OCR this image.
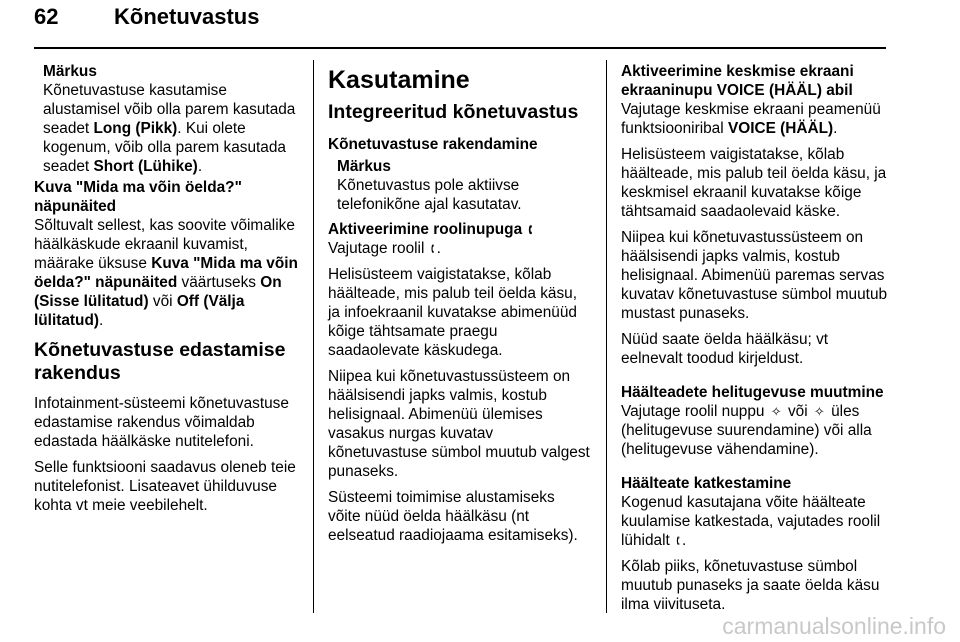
62	Kõnetuvastus
Märkus
Kõnetuvastuse kasutamise alustamisel võib olla parem kasutada seadet Long (Pikk). Kui olete kogenum, võib olla parem kasutada seadet Short (Lühike).

Kuva "Mida ma võin öelda?" näpunäited

Sõltuvalt sellest, kas soovite võimalike häälkäskude ekraanil kuvamist, määrake üksuse Kuva "Mida ma võin öelda?" näpunäited väärtuseks On (Sisse lülitatud) või Off (Välja lülitatud).

Kõnetuvastuse edastamise rakendus

Infotainment-süsteemi kõnetuvastuse edastamise rakendus võimaldab edastada häälkäske nutitelefoni.

Selle funktsiooni saadavus oleneb teie nutitelefonist. Lisateavet ühilduvuse kohta vt meie veebilehelt.

Kasutamine
Integreeritud kõnetuvastus

Kõnetuvastuse rakendamine

Märkus
Kõnetuvastus pole aktiivse telefonikõne ajal kasutatav.

Aktiveerimine roolinupuga 🕻

Vajutage roolil 🕻 .

Helisüsteem vaigistatakse, kõlab häälteade, mis palub teil öelda käsu, ja infoekraanil kuvatakse abimenüüd kõige tähtsamate praegu saadaolevate käskudega.

Niipea kui kõnetuvastussüsteem on häälsisendi japks valmis, kostub helisignaal. Abimenüü ülemises vasakus nurgas kuvatav kõnetuvastuse sümbol muutub valgest punaseks.

Süsteemi toimimise alustamiseks võite nüüd öelda häälkäsu (nt eelseatud raadiojaama esitamiseks).

Aktiveerimine keskmise ekraani ekraaninupu VOICE (HÄÄL) abil

Vajutage keskmise ekraani peamenüü funktsiooniribal VOICE (HÄÄL).

Helisüsteem vaigistatakse, kõlab häälteade, mis palub teil öelda käsu, ja keskmisel ekraanil kuvatakse kõige tähtsamaid saadaolevaid käske.

Niipea kui kõnetuvastussüsteem on häälsisendi japks valmis, kostub helisignaal. Abimenüü paremas servas kuvatav kõnetuvastuse sümbol muutub mustast punaseks.

Nüüd saate öelda häälkäsu; vt eelnevalt toodud kirjeldust.

Häälteadete helitugevuse muutmine

Vajutage roolil nuppu ✧ või ✧ üles (helitugevuse suurendamine) või alla (helitugevuse vähendamine).

Häälteate katkestamine

Kogenud kasutajana võite häälteate kuulamise katkestada, vajutades roolil lühidalt 🕻 .

Kõlab piiks, kõnetuvastuse sümbol muutub punaseks ja saate öelda käsu ilma viivituseta.

carmanualsonline.info
